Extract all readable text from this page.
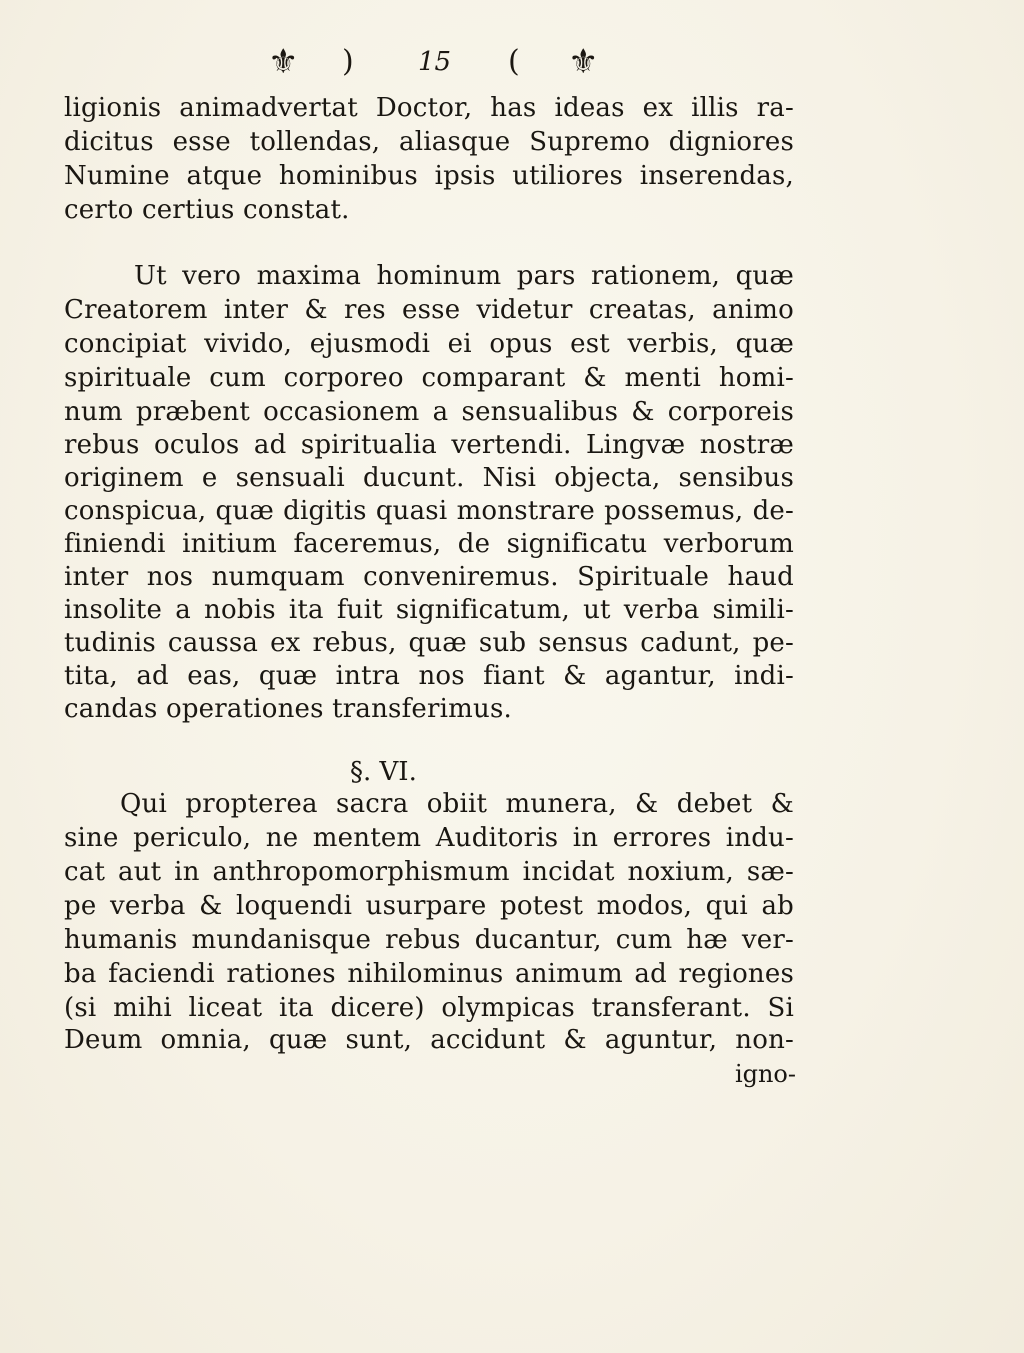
⚜ ) 15 ( ⚜
ligionis animadvertat Doctor, has ideas ex illis ra-
dicitus esse tollendas, aliasque Supremo digniores
Numine atque hominibus ipsis utiliores inserendas,
certo certius constat.
Ut vero maxima hominum pars rationem, quæ
Creatorem inter & res esse videtur creatas, animo
concipiat vivido, ejusmodi ei opus est verbis, quæ
spirituale cum corporeo comparant & menti homi-
num præbent occasionem a sensualibus & corporeis
rebus oculos ad spiritualia vertendi. Lingvæ nostræ
originem e sensuali ducunt. Nisi objecta, sensibus
conspicua, quæ digitis quasi monstrare possemus, de-
finiendi initium faceremus, de significatu verborum
inter nos numquam conveniremus. Spirituale haud
insolite a nobis ita fuit significatum, ut verba simili-
tudinis caussa ex rebus, quæ sub sensus cadunt, pe-
tita, ad eas, quæ intra nos fiant & agantur, indi-
candas operationes transferimus.
§. VI.
Qui propterea sacra obiit munera, & debet &
sine periculo, ne mentem Auditoris in errores indu-
cat aut in anthropomorphismum incidat noxium, sæ-
pe verba & loquendi usurpare potest modos, qui ab
humanis mundanisque rebus ducantur, cum hæ ver-
ba faciendi rationes nihilominus animum ad regiones
(si mihi liceat ita dicere) olympicas transferant. Si
Deum omnia, quæ sunt, accidunt & aguntur, non-
igno-
